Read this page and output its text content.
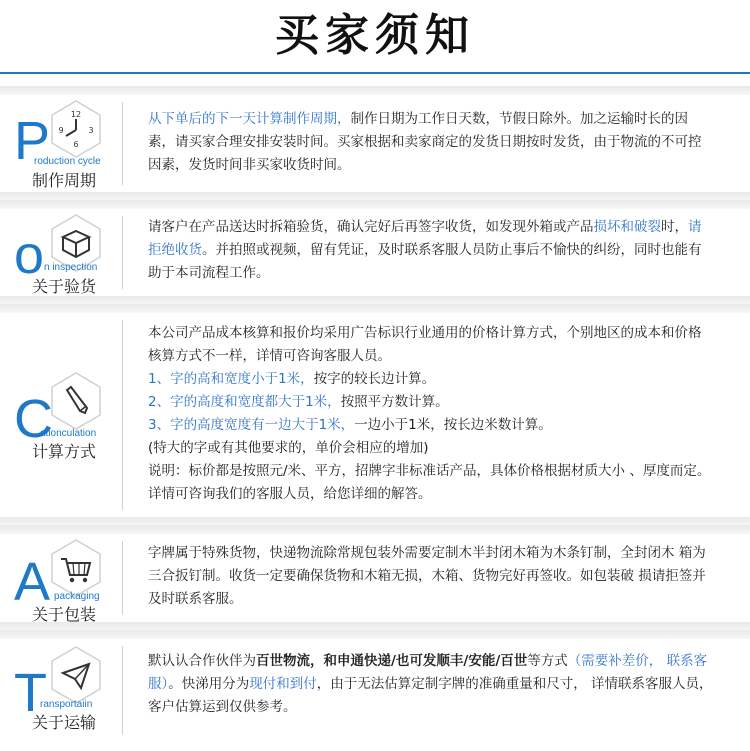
买家须知
12
3
6
9
P
roduction cycle
制作周期

从下单后的下一天计算制作周期，制作日期为工作日天数，节假日除外。加之运输时长的因素，请买家合理安排安装时间。买家根据和卖家商定的发货日期按时发货，由于物流的不可控因素，发货时间非买家收货时间。

o n inspection
关于验货

请客户在产品送达时拆箱验货，确认完好后再签字收货，如发现外箱或产品损坏和破裂时，请拒绝收货。并拍照或视频，留有凭证，及时联系客服人员防止事后不愉快的纠纷，同时也能有助于本司流程工作。

C
ationculation
计算方式

本公司产品成本核算和报价均采用广告标识行业通用的价格计算方式，个别地区的成本和价格核算方式不一样，详情可咨询客服人员。

1、字的高和宽度小于1米，按字的较长边计算。

2、字的高度和宽度都大于1米，按照平方数计算。

3、字的高度宽度有一边大于1米，一边小于1米，按长边米数计算。

(特大的字或有其他要求的，单价会相应的增加)

说明：标价都是按照元/米、平方，招牌字非标准话产品，具体价格根据材质大小 、厚度而定。详情可咨询我们的客服人员，给您详细的解答。

A packaging
关于包装

字牌属于特殊货物，快递物流除常规包装外需要定制木半封闭木箱为木条钉制，全封闭木 箱为三合扳钉制。收货一定要确保货物和木箱无损，木箱、货物完好再签收。如包装破 损请拒签并及时联系客服。

T
ransportaiin
关于运输

默认认合作伙伴为百世物流，和申通快递/也可发顺丰/安能/百世等方式（需要补差价， 联系客服）。快涕用分为现付和到付，由于无法估算定制字牌的准确重量和尺寸， 详情联系客服人员，客户估算运到仅供参考。
